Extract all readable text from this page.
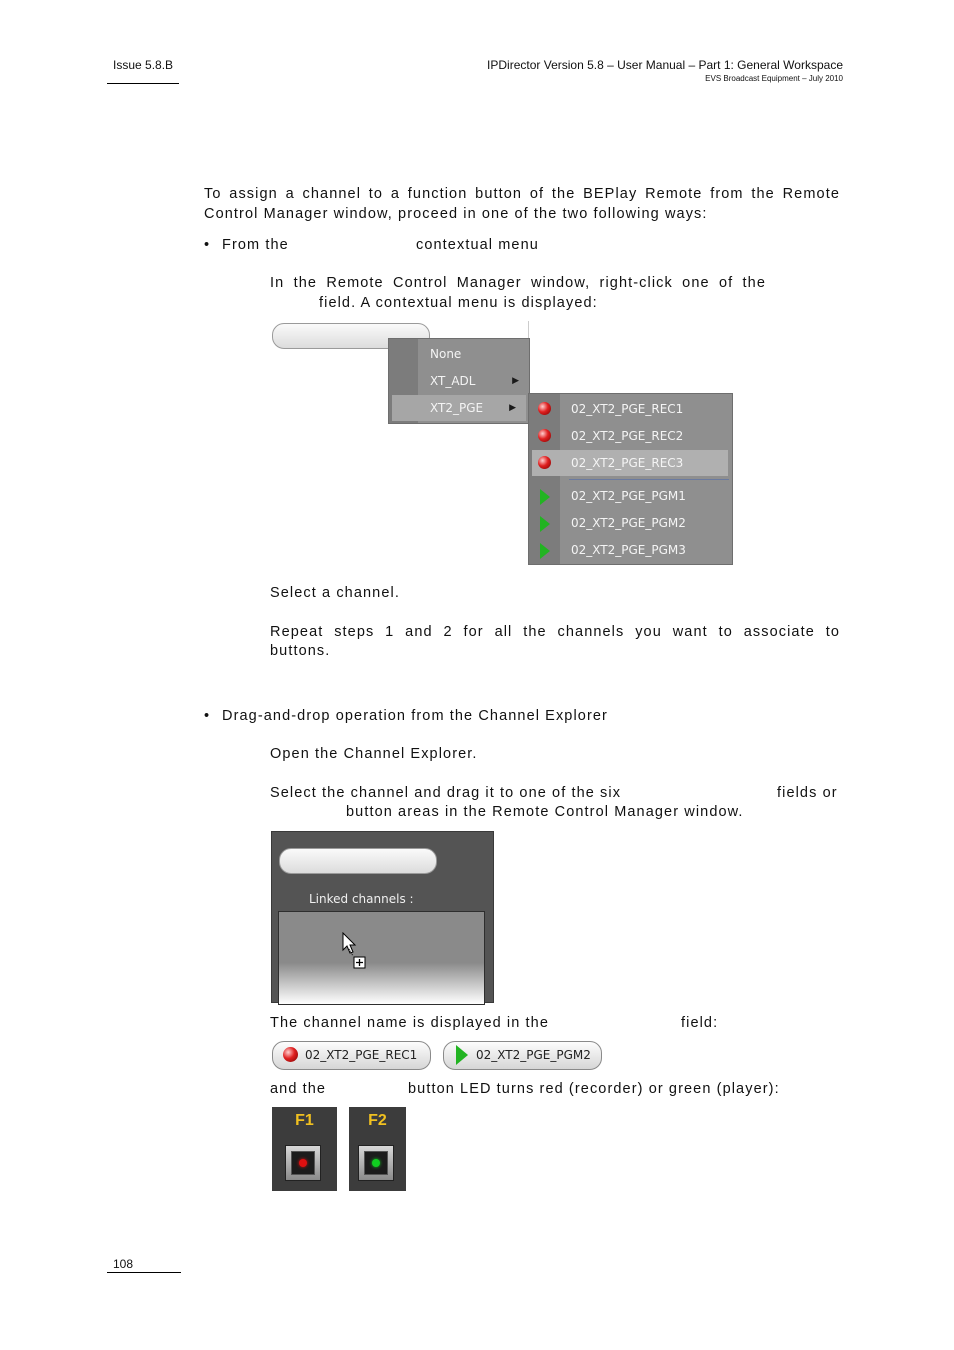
Issue 5.8.B	IPDirector Version 5.8 – User Manual – Part 1: General Workspace
EVS Broadcast Equipment – July 2010
To assign a channel to a function button of the BEPlay Remote from the Remote
Control Manager window, proceed in one of the two following ways:
• From the	contextual menu
In the Remote Control Manager window, right-click one of the
field. A contextual menu is displayed:
None
XT_ADL	▶
XT2_PGE	▶	02_XT2_PGE_REC1
02_XT2_PGE_REC2
02_XT2_PGE_REC3
02_XT2_PGE_PGM1
02_XT2_PGE_PGM2
02_XT2_PGE_PGM3
Select a channel.
Repeat steps 1 and 2 for all the channels you want to associate to
buttons.
• Drag-and-drop operation from the Channel Explorer
Open the Channel Explorer.
Select the channel and drag it to one of the six	fields or
button areas in the Remote Control Manager window.
Linked channels :
The channel name is displayed in the	field:
02_XT2_PGE_REC1	02_XT2_PGE_PGM2
and the	button LED turns red (recorder) or green (player):
F1	F2
108
